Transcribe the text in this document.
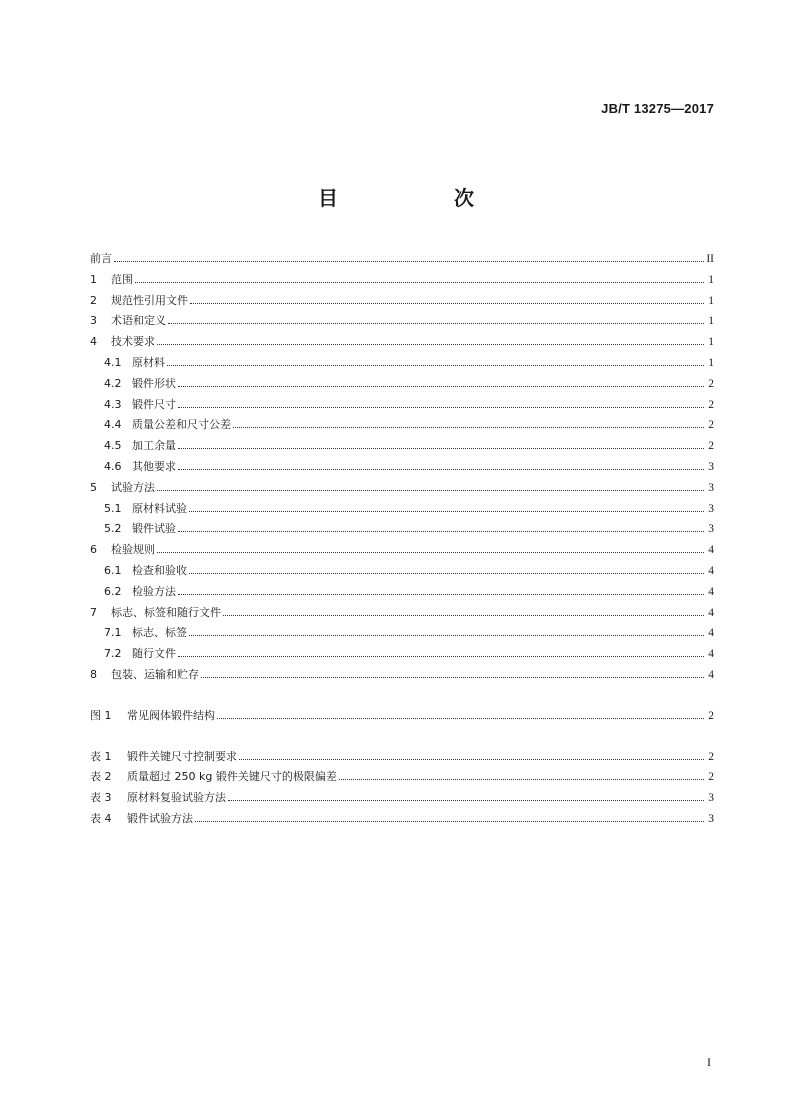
JB/T 13275—2017
目　次
前言	II
1	范围	1
2	规范性引用文件	1
3	术语和定义	1
4	技术要求	1
4.1 原材料	1
4.2 锻件形状	2
4.3 锻件尺寸	2
4.4 质量公差和尺寸公差	2
4.5 加工余量	2
4.6 其他要求	3
5	试验方法	3
5.1 原材料试验	3
5.2 锻件试验	3
6	检验规则	4
6.1 检查和验收	4
6.2 检验方法	4
7	标志、标签和随行文件	4
7.1 标志、标签	4
7.2 随行文件	4
8	包装、运输和贮存	4
图 1	常见阀体锻件结构	2
表 1	锻件关键尺寸控制要求	2
表 2	质量超过 250 kg 锻件关键尺寸的极限偏差	2
表 3	原材料复验试验方法	3
表 4	锻件试验方法	3
I
